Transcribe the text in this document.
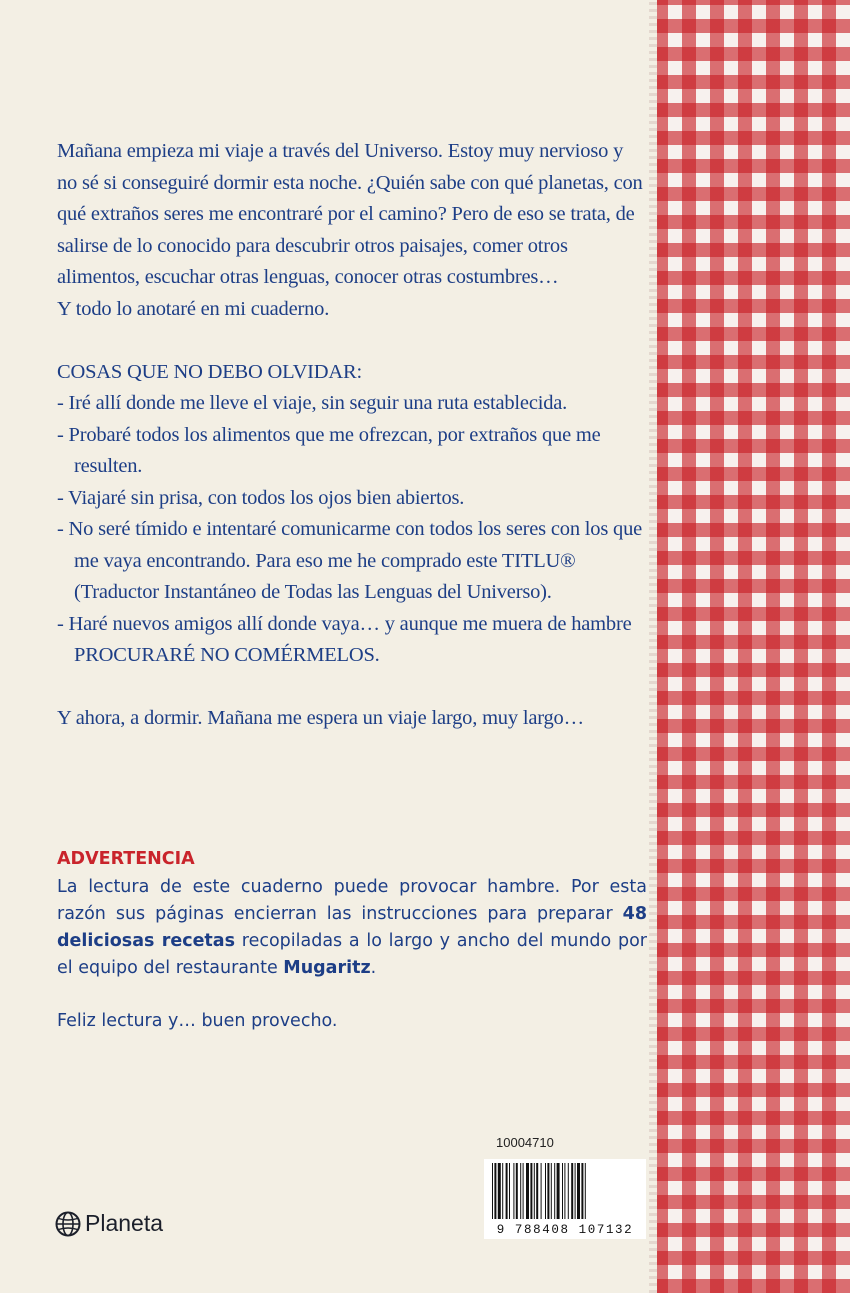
Mañana empieza mi viaje a través del Universo. Estoy muy nervioso y no sé si conseguiré dormir esta noche. ¿Quién sabe con qué planetas, con qué extraños seres me encontraré por el camino? Pero de eso se trata, de salirse de lo conocido para descubrir otros paisajes, comer otros alimentos, escuchar otras lenguas, conocer otras costumbres…

Y todo lo anotaré en mi cuaderno.

COSAS QUE NO DEBO OLVIDAR:

- Iré allí donde me lleve el viaje, sin seguir una ruta establecida.

- Probaré todos los alimentos que me ofrezcan, por extraños que me resulten.

- Viajaré sin prisa, con todos los ojos bien abiertos.

- No seré tímido e intentaré comunicarme con todos los seres con los que me vaya encontrando. Para eso me he comprado este TITLU® (Traductor Instantáneo de Todas las Lenguas del Universo).

- Haré nuevos amigos allí donde vaya… y aunque me muera de hambre PROCURARÉ NO COMÉRMELOS.

Y ahora, a dormir. Mañana me espera un viaje largo, muy largo…

ADVERTENCIA
La lectura de este cuaderno puede provocar hambre. Por esta razón sus páginas encierran las instrucciones para preparar 48 deliciosas recetas recopiladas a lo largo y ancho del mundo por el equipo del restaurante Mugaritz.
Feliz lectura y… buen provecho.
Planeta
10004710
9 788408 107132
